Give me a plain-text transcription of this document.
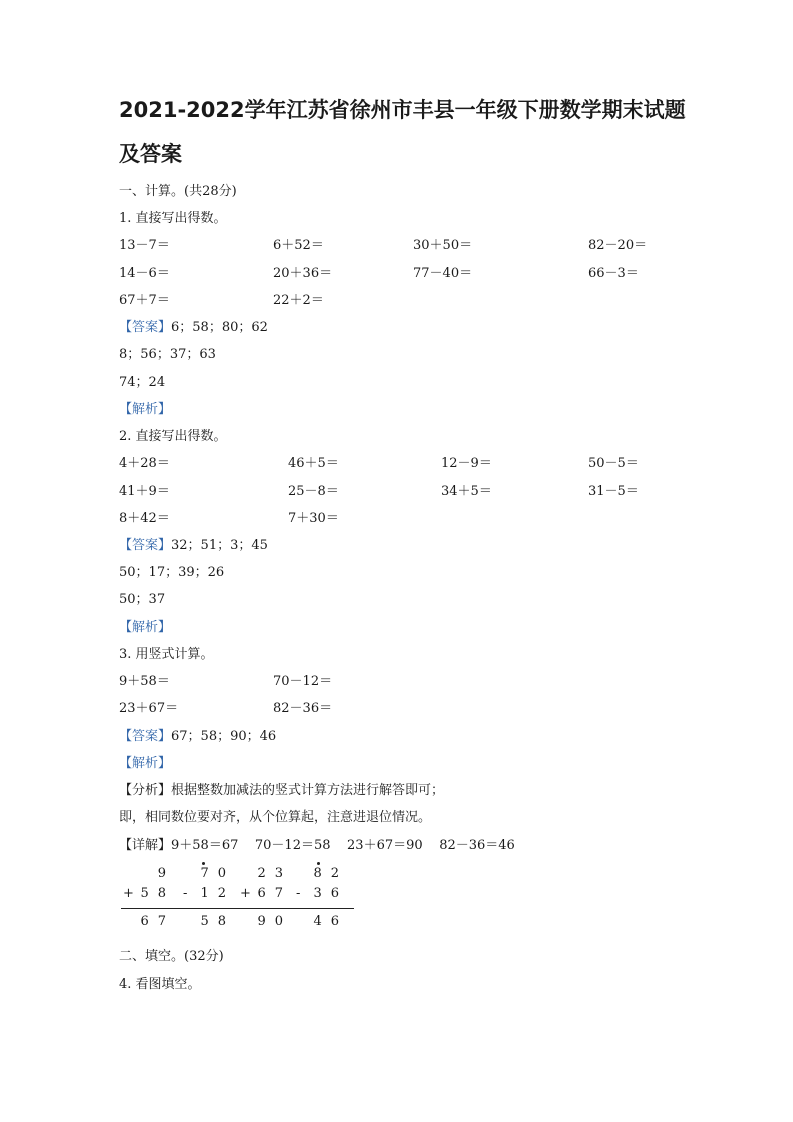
2021-2022学年江苏省徐州市丰县一年级下册数学期末试题
及答案
一、计算。(共28分)
1. 直接写出得数。
13－7＝	6＋52＝	30＋50＝	82－20＝
14－6＝	20＋36＝	77－40＝	66－3＝
67＋7＝	22＋2＝
【答案】6；58；80；62
8；56；37；63
74；24
【解析】
2. 直接写出得数。
4＋28＝	46＋5＝	12－9＝	50－5＝
41＋9＝	25－8＝	34＋5＝	31－5＝
8＋42＝	7＋30＝
【答案】32；51；3；45
50；17；39；26
50；37
【解析】
3. 用竖式计算。
9＋58＝	70－12＝
23＋67＝	82－36＝
【答案】67；58；90；46
【解析】
【分析】根据整数加减法的竖式计算方法进行解答即可；
即，相同数位要对齐，从个位算起，注意进退位情况。
【详解】9＋58＝67    70－12＝58    23＋67＝90    82－36＝46
9
+ 58
67
70
- 12
58
23
+ 67
90
82
- 36
46
二、填空。(32分)
4. 看图填空。
